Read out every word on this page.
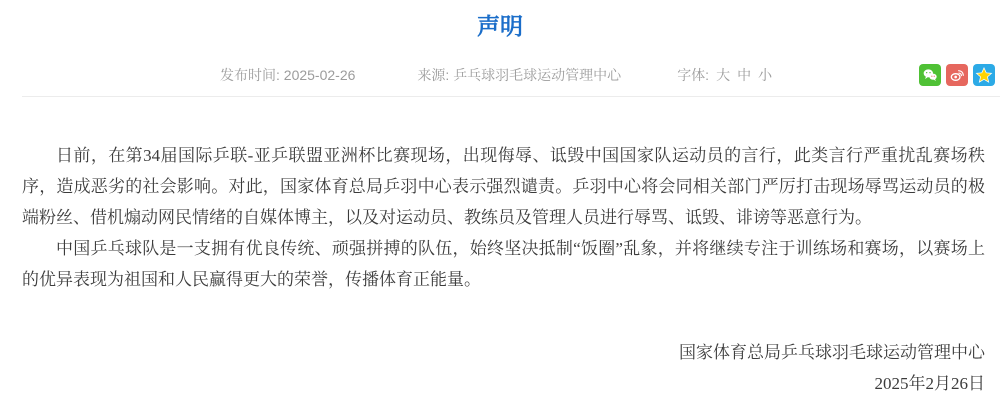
声明
发布时间: 2025-02-26	来源: 乒乓球羽毛球运动管理中心	字体: 大 中 小

日前，在第34届国际乒联-亚乒联盟亚洲杯比赛现场，出现侮辱、诋毁中国国家队运动员的言行，此类言行严重扰乱赛场秩序，造成恶劣的社会影响。对此，国家体育总局乒羽中心表示强烈谴责。乒羽中心将会同相关部门严厉打击现场辱骂运动员的极端粉丝、借机煽动网民情绪的自媒体博主，以及对运动员、教练员及管理人员进行辱骂、诋毁、诽谤等恶意行为。

中国乒乓球队是一支拥有优良传统、顽强拼搏的队伍，始终坚决抵制“饭圈”乱象，并将继续专注于训练场和赛场，以赛场上的优异表现为祖国和人民赢得更大的荣誉，传播体育正能量。

国家体育总局乒乓球羽毛球运动管理中心

2025年2月26日
